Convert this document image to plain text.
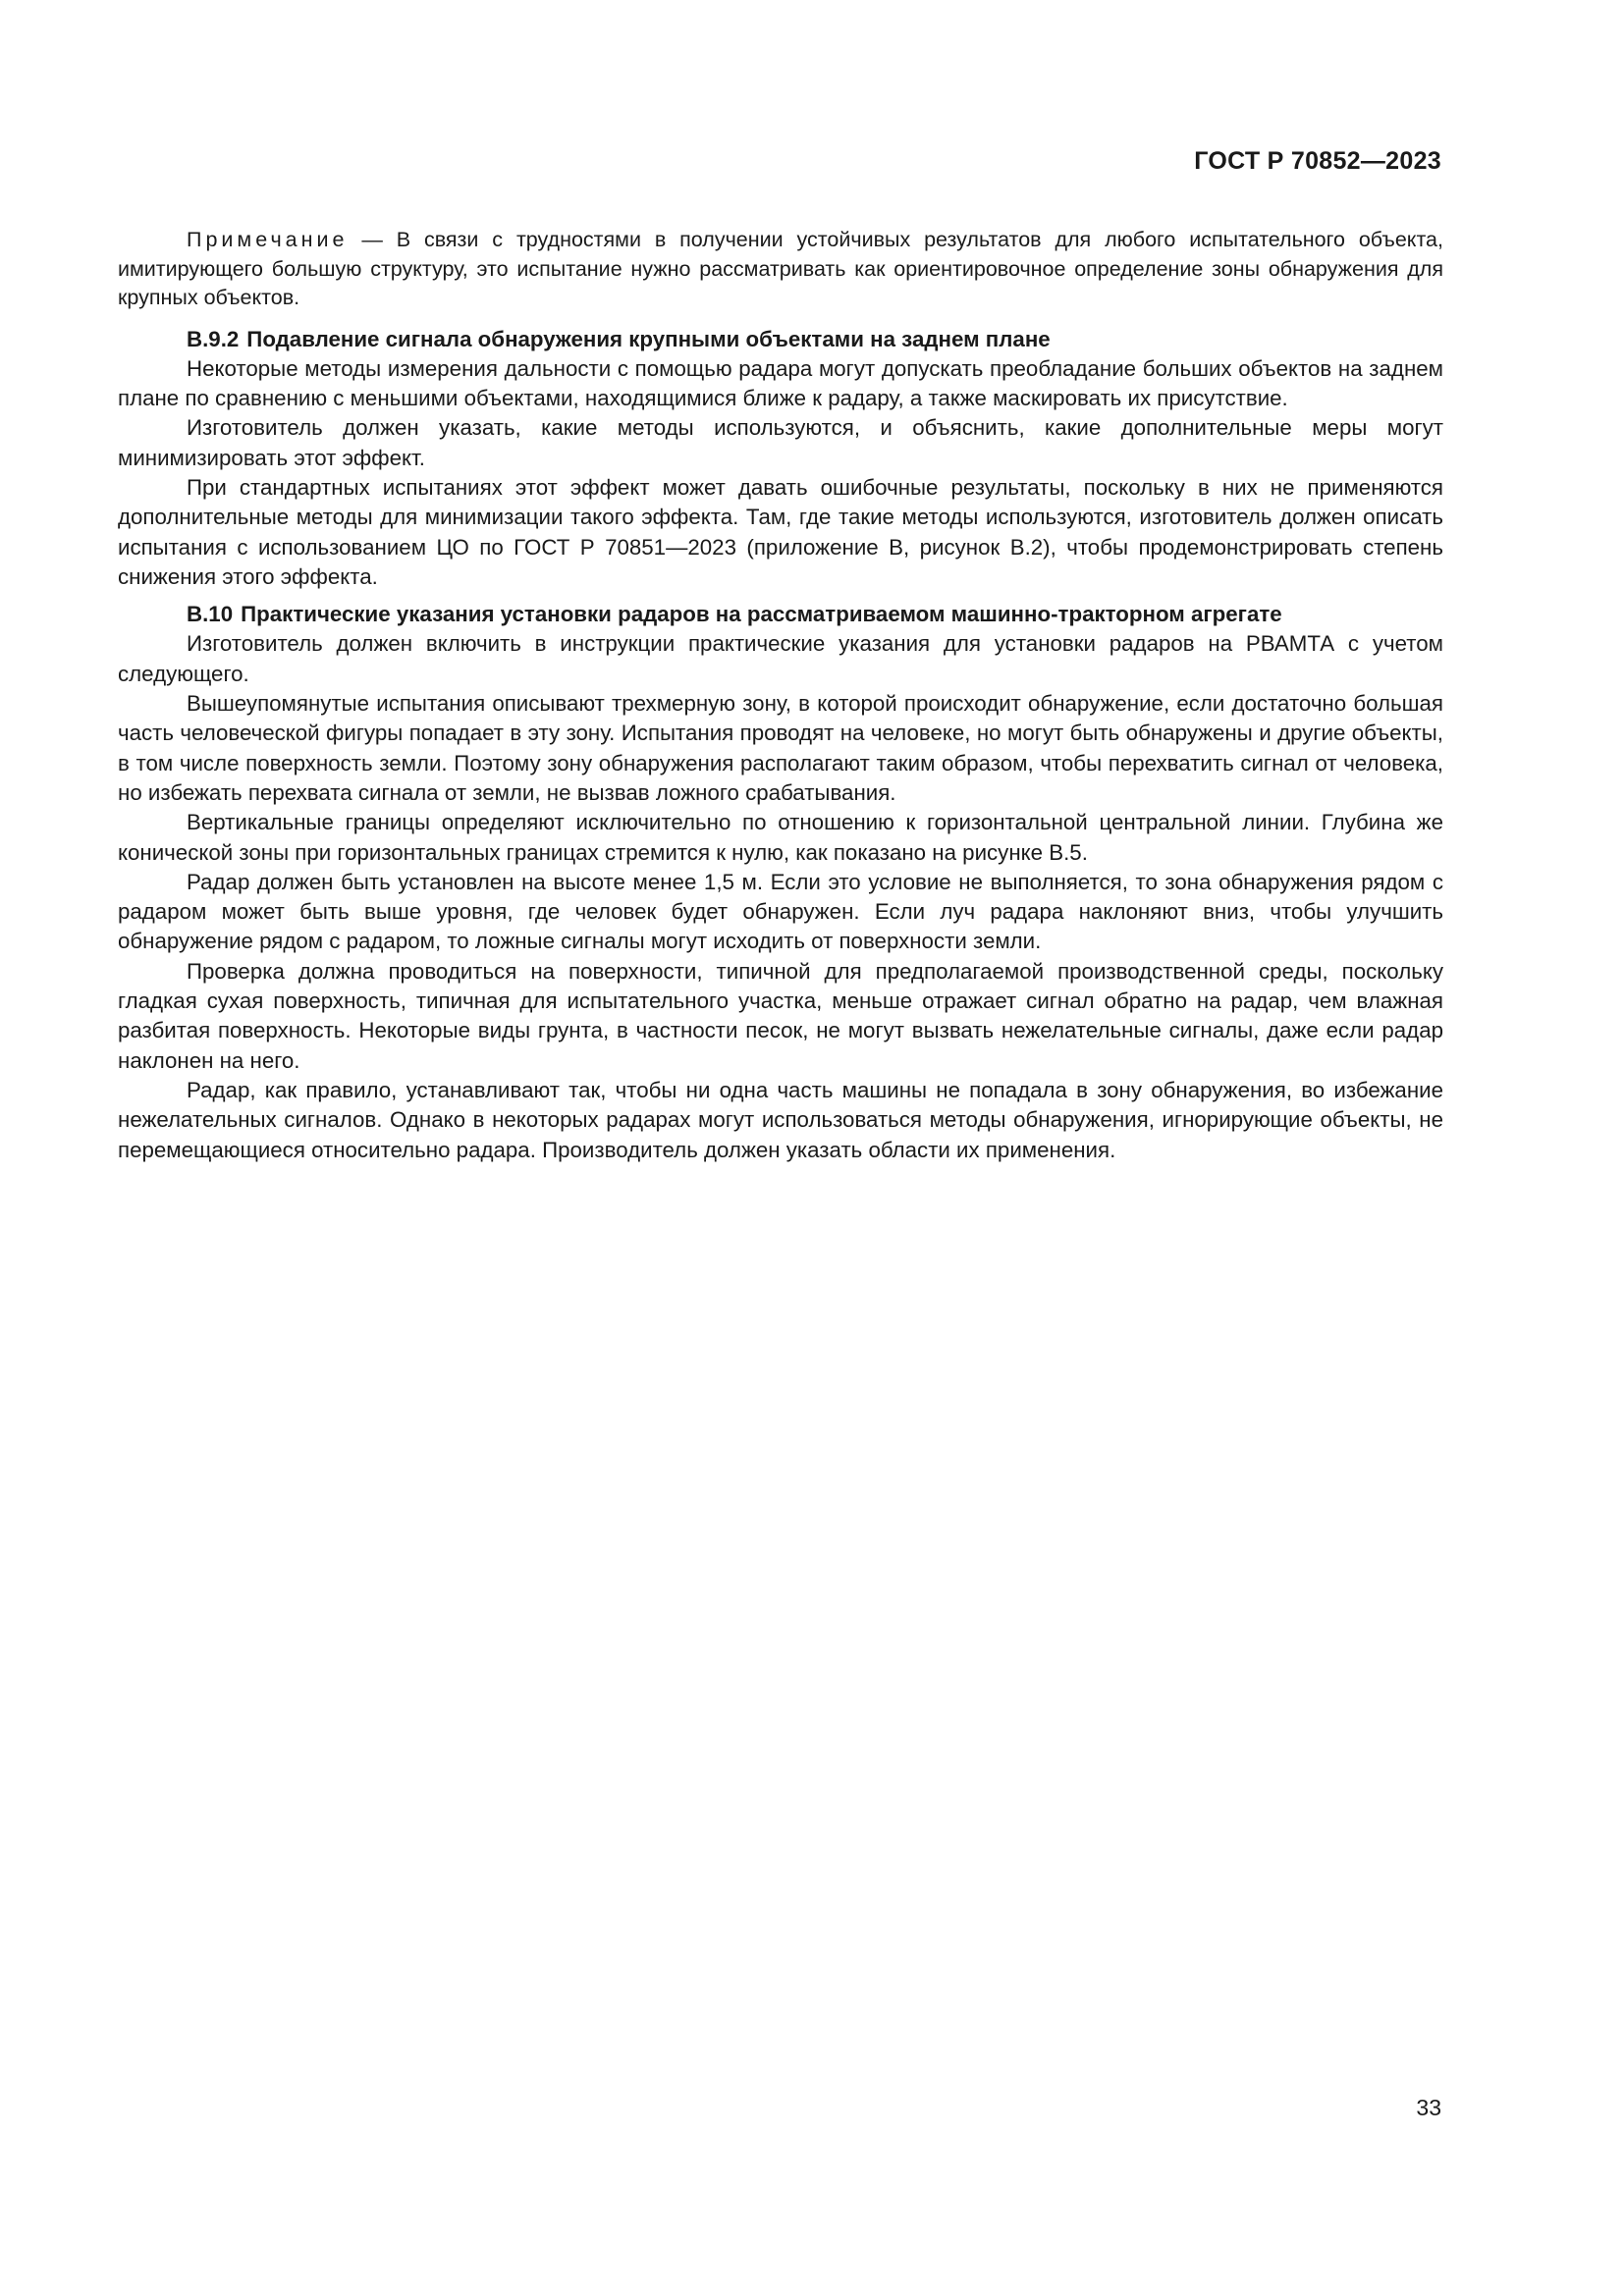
ГОСТ Р 70852—2023

Примечание — В связи с трудностями в получении устойчивых результатов для любого испытательного объекта, имитирующего большую структуру, это испытание нужно рассматривать как ориентировочное определение зоны обнаружения для крупных объектов.

В.9.2 Подавление сигнала обнаружения крупными объектами на заднем плане

Некоторые методы измерения дальности с помощью радара могут допускать преобладание больших объектов на заднем плане по сравнению с меньшими объектами, находящимися ближе к радару, а также маскировать их присутствие.

Изготовитель должен указать, какие методы используются, и объяснить, какие дополнительные меры могут минимизировать этот эффект.

При стандартных испытаниях этот эффект может давать ошибочные результаты, поскольку в них не применяются дополнительные методы для минимизации такого эффекта. Там, где такие методы используются, изготовитель должен описать испытания с использованием ЦО по ГОСТ Р 70851—2023 (приложение В, рисунок В.2), чтобы продемонстрировать степень снижения этого эффекта.

В.10 Практические указания установки радаров на рассматриваемом машинно-тракторном агрегате

Изготовитель должен включить в инструкции практические указания для установки радаров на РВАМТА с учетом следующего.

Вышеупомянутые испытания описывают трехмерную зону, в которой происходит обнаружение, если достаточно большая часть человеческой фигуры попадает в эту зону. Испытания проводят на человеке, но могут быть обнаружены и другие объекты, в том числе поверхность земли. Поэтому зону обнаружения располагают таким образом, чтобы перехватить сигнал от человека, но избежать перехвата сигнала от земли, не вызвав ложного срабатывания.

Вертикальные границы определяют исключительно по отношению к горизонтальной центральной линии. Глубина же конической зоны при горизонтальных границах стремится к нулю, как показано на рисунке В.5.

Радар должен быть установлен на высоте менее 1,5 м. Если это условие не выполняется, то зона обнаружения рядом с радаром может быть выше уровня, где человек будет обнаружен. Если луч радара наклоняют вниз, чтобы улучшить обнаружение рядом с радаром, то ложные сигналы могут исходить от поверхности земли.

Проверка должна проводиться на поверхности, типичной для предполагаемой производственной среды, поскольку гладкая сухая поверхность, типичная для испытательного участка, меньше отражает сигнал обратно на радар, чем влажная разбитая поверхность. Некоторые виды грунта, в частности песок, не могут вызвать нежелательные сигналы, даже если радар наклонен на него.

Радар, как правило, устанавливают так, чтобы ни одна часть машины не попадала в зону обнаружения, во избежание нежелательных сигналов. Однако в некоторых радарах могут использоваться методы обнаружения, игнорирующие объекты, не перемещающиеся относительно радара. Производитель должен указать области их применения.

33
